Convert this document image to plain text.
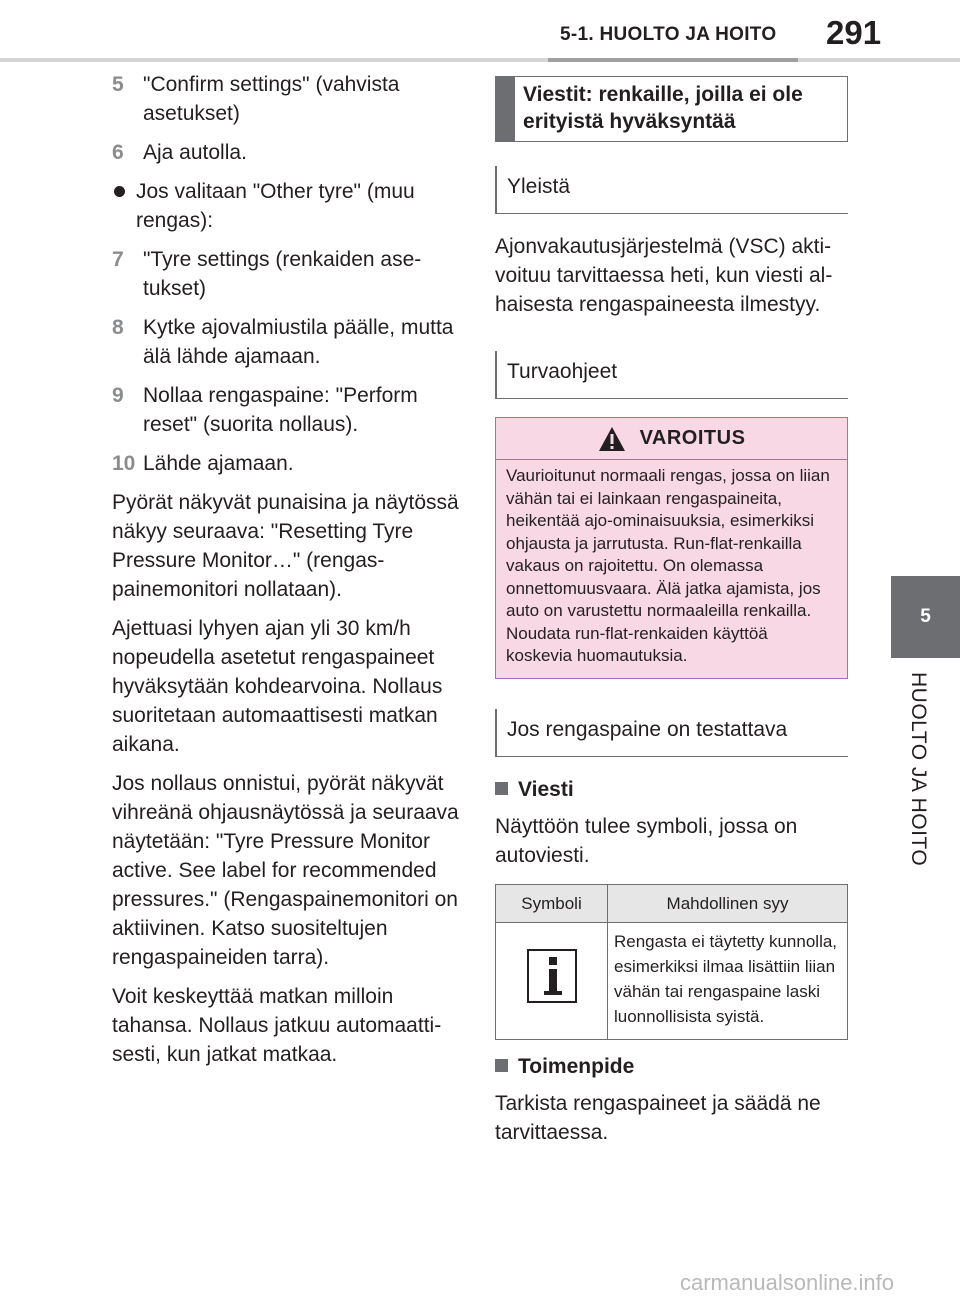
5-1. HUOLTO JA HOITO 291
5
HUOLTO JA HOITO
5 "Confirm settings" (vahvista asetukset)
6 Aja autolla.
Jos valitaan "Other tyre" (muu rengas):
7 "Tyre settings (renkaiden asetukset)
8 Kytke ajovalmiustila päälle, mutta älä lähde ajamaan.
9 Nollaa rengaspaine: "Perform reset" (suorita nollaus).
10 Lähde ajamaan.

Pyörät näkyvät punaisina ja näytössä näkyy seuraava: "Resetting Tyre Pressure Monitor…" (rengaspainemonitori nollataan).

Ajettuasi lyhyen ajan yli 30 km/h nopeudella asetetut rengaspaineet hyväksytään kohdearvoina. Nollaus suoritetaan automaattisesti matkan aikana.

Jos nollaus onnistui, pyörät näkyvät vihreänä ohjausnäytössä ja seuraava näytetään: "Tyre Pressure Monitor active. See label for recommended pressures." (Rengaspainemonitori on aktiivinen. Katso suositeltujen rengaspaineiden tarra).

Voit keskeyttää matkan milloin tahansa. Nollaus jatkuu automaattisesti, kun jatkat matkaa.

Viestit: renkaille, joilla ei ole erityistä hyväksyntää
Yleistä

Ajonvakautusjärjestelmä (VSC) aktivoituu tarvittaessa heti, kun viesti alhaisesta rengaspaineesta ilmestyy.

Turvaohjeet
VAROITUS
Vaurioitunut normaali rengas, jossa on liian vähän tai ei lainkaan rengaspaineita, heikentää ajo-ominaisuuksia, esimerkiksi ohjausta ja jarrutusta. Run-flat-renkailla vakaus on rajoitettu. On olemassa onnettomuusvaara. Älä jatka ajamista, jos auto on varustettu normaaleilla renkailla. Noudata run-flat-renkaiden käyttöä koskevia huomautuksia.
Jos rengaspaine on testattava
Viesti

Näyttöön tulee symboli, jossa on autoviesti.

Symboli	Mahdollinen syy

	Rengasta ei täytetty kunnolla, esimerkiksi ilmaa lisättiin liian vähän tai rengaspaine laski luonnollisista syistä.
Toimenpide

Tarkista rengaspaineet ja säädä ne tarvittaessa.

carmanualsonline.info
